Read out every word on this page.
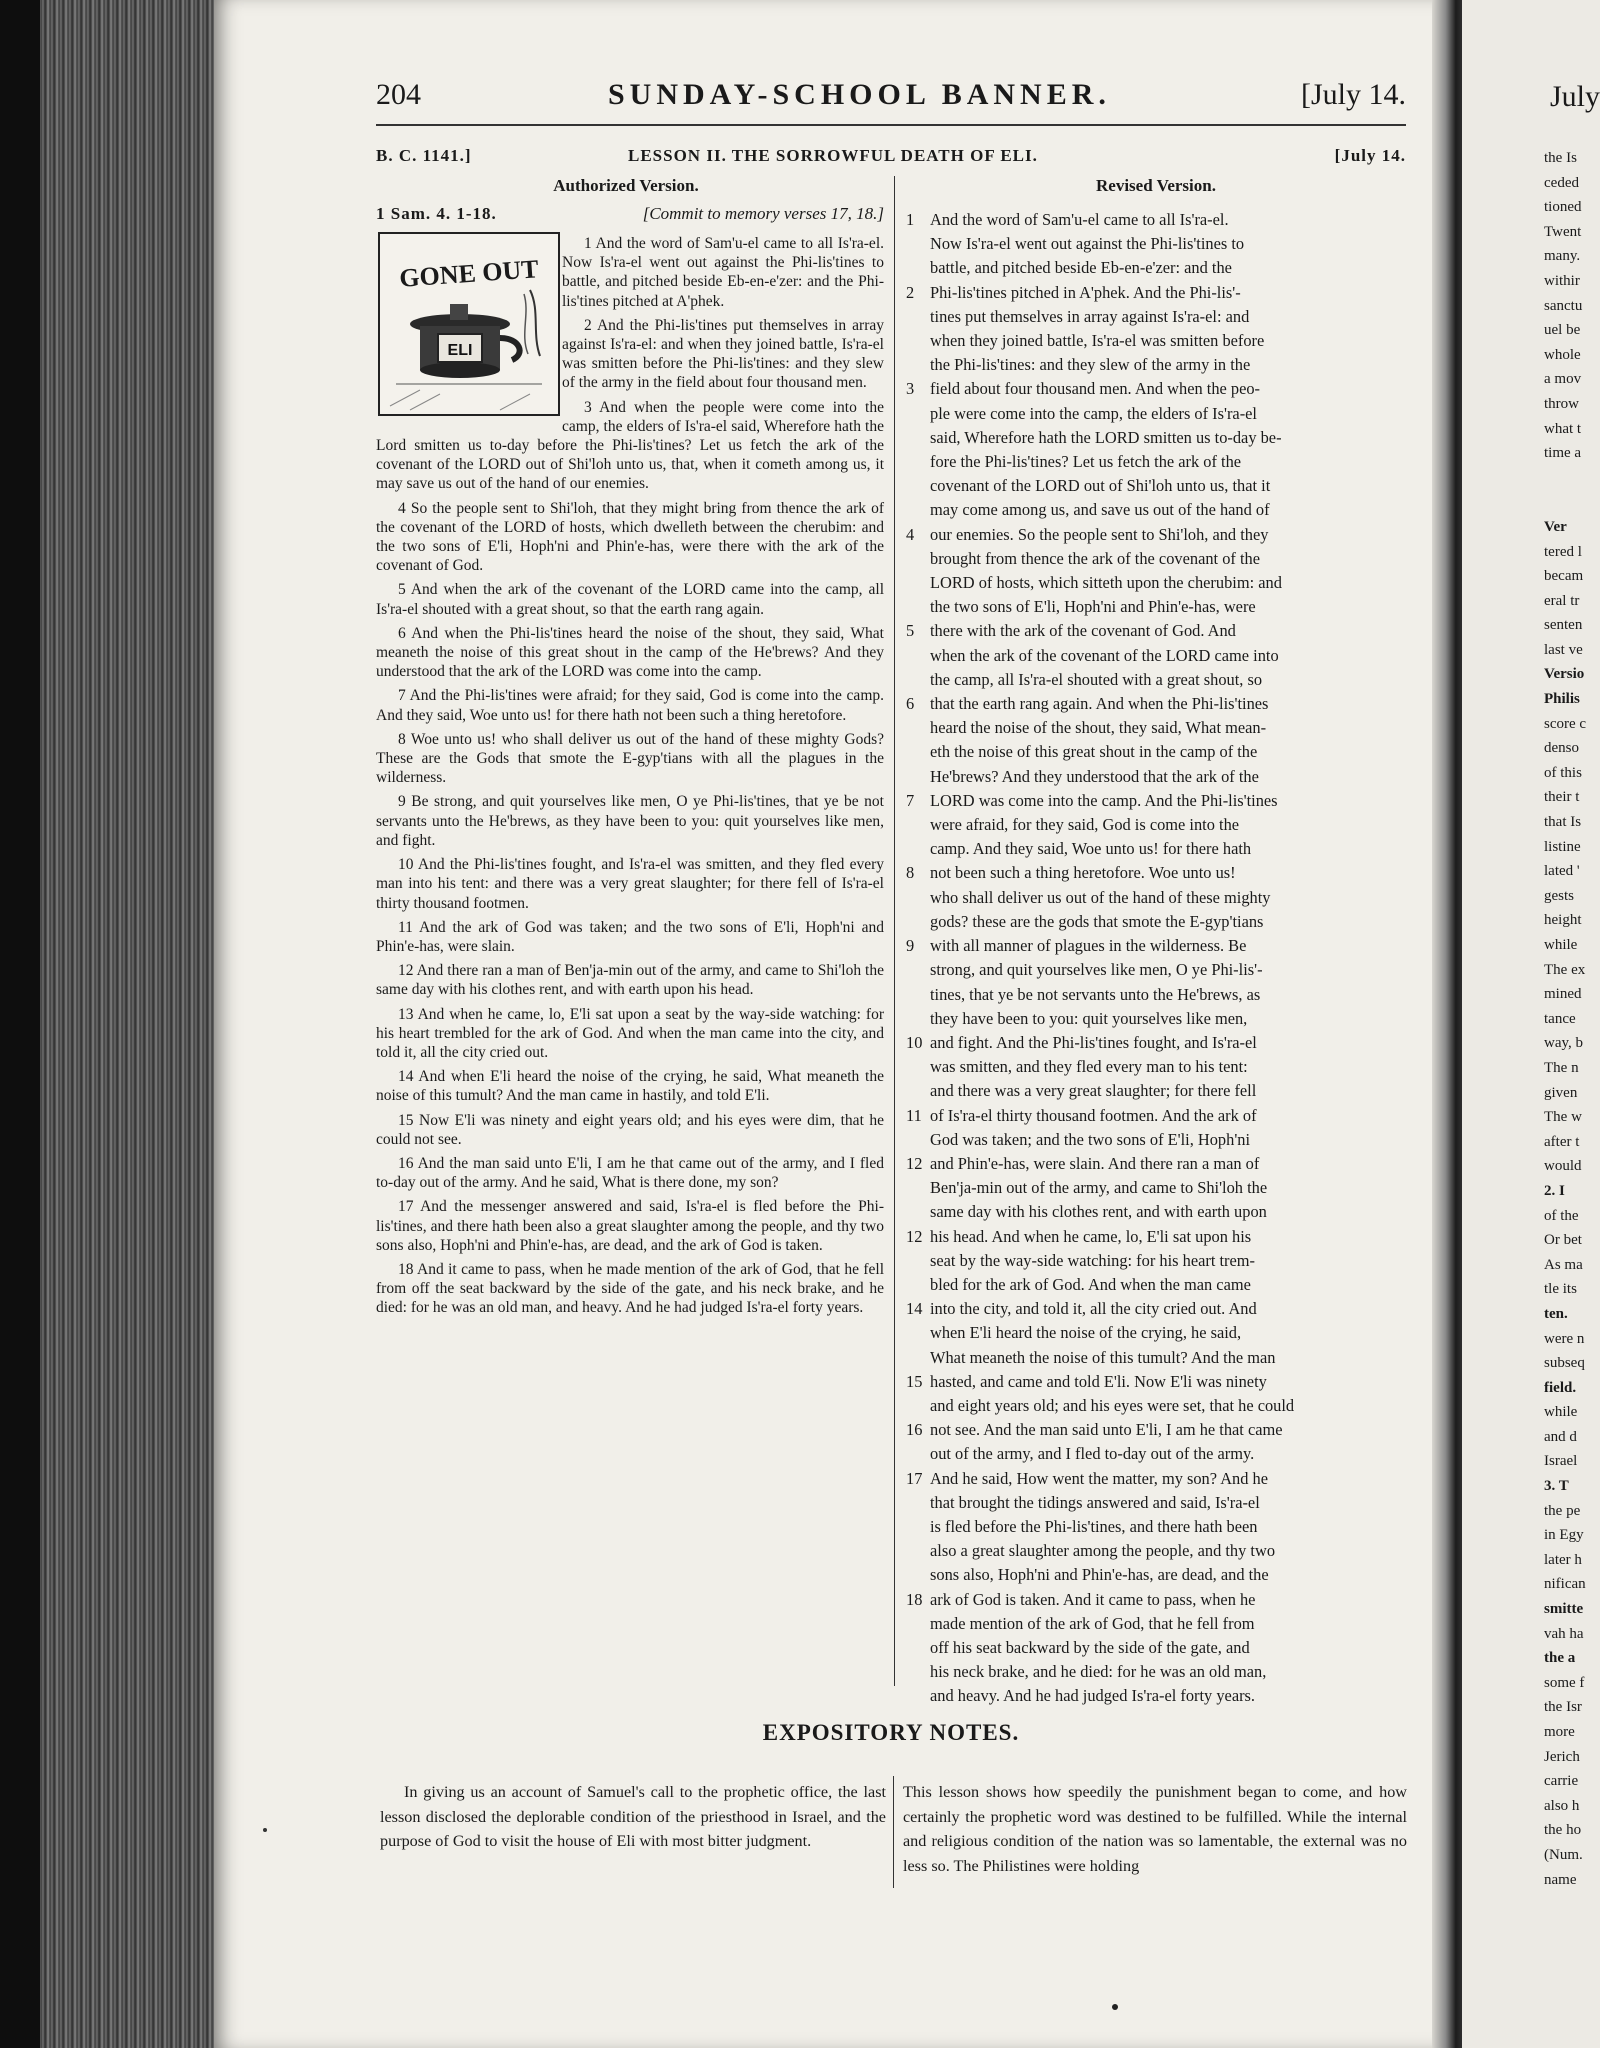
204	SUNDAY-SCHOOL BANNER.	[July 14.
B. C. 1141.]	LESSON II. THE SORROWFUL DEATH OF ELI.	[July 14.
Authorized Version.	Revised Version.
1 Sam. 4. 1-18.	[Commit to memory verses 17, 18.]

1 And the word of Sam'u-el came to all Is'ra-el. Now Is'ra-el went out against the Phi-lis'tines to battle, and pitched beside Eb-en-e'zer: and the Phi-lis'tines pitched at A'phek.

2 And the Phi-lis'tines put themselves in array against Is'ra-el: and when they joined battle, Is'ra-el was smitten before the Phi-lis'tines: and they slew of the army in the field about four thousand men.

3 And when the people were come into the camp, the elders of Is'ra-el said, Wherefore hath the Lord smitten us to-day before the Phi-lis'tines? Let us fetch the ark of the covenant of the LORD out of Shi'loh unto us, that, when it cometh among us, it may save us out of the hand of our enemies.

4 So the people sent to Shi'loh, that they might bring from thence the ark of the covenant of the LORD of hosts, which dwelleth between the cherubim: and the two sons of E'li, Hoph'ni and Phin'e-has, were there with the ark of the covenant of God.

5 And when the ark of the covenant of the LORD came into the camp, all Is'ra-el shouted with a great shout, so that the earth rang again.

6 And when the Phi-lis'tines heard the noise of the shout, they said, What meaneth the noise of this great shout in the camp of the He'brews? And they understood that the ark of the LORD was come into the camp.

7 And the Phi-lis'tines were afraid; for they said, God is come into the camp. And they said, Woe unto us! for there hath not been such a thing heretofore.

8 Woe unto us! who shall deliver us out of the hand of these mighty Gods? These are the Gods that smote the E-gyp'tians with all the plagues in the wilderness.

9 Be strong, and quit yourselves like men, O ye Phi-lis'tines, that ye be not servants unto the He'brews, as they have been to you: quit yourselves like men, and fight.

10 And the Phi-lis'tines fought, and Is'ra-el was smitten, and they fled every man into his tent: and there was a very great slaughter; for there fell of Is'ra-el thirty thousand footmen.

11 And the ark of God was taken; and the two sons of E'li, Hoph'ni and Phin'e-has, were slain.

12 And there ran a man of Ben'ja-min out of the army, and came to Shi'loh the same day with his clothes rent, and with earth upon his head.

13 And when he came, lo, E'li sat upon a seat by the way-side watching: for his heart trembled for the ark of God. And when the man came into the city, and told it, all the city cried out.

14 And when E'li heard the noise of the crying, he said, What meaneth the noise of this tumult? And the man came in hastily, and told E'li.

15 Now E'li was ninety and eight years old; and his eyes were dim, that he could not see.

16 And the man said unto E'li, I am he that came out of the army, and I fled to-day out of the army. And he said, What is there done, my son?

17 And the messenger answered and said, Is'ra-el is fled before the Phi-lis'tines, and there hath been also a great slaughter among the people, and thy two sons also, Hoph'ni and Phin'e-has, are dead, and the ark of God is taken.

18 And it came to pass, when he made mention of the ark of God, that he fell from off the seat backward by the side of the gate, and his neck brake, and he died: for he was an old man, and heavy. And he had judged Is'ra-el forty years.

GONE OUT
ELI
1 And the word of Sam'u-el came to all Is'ra-el.
Now Is'ra-el went out against the Phi-lis'tines to
battle, and pitched beside Eb-en-e'zer: and the
2 Phi-lis'tines pitched in A'phek. And the Phi-lis'-
tines put themselves in array against Is'ra-el: and
when they joined battle, Is'ra-el was smitten before
the Phi-lis'tines: and they slew of the army in the
3 field about four thousand men. And when the peo-
ple were come into the camp, the elders of Is'ra-el
said, Wherefore hath the LORD smitten us to-day be-
fore the Phi-lis'tines? Let us fetch the ark of the
covenant of the LORD out of Shi'loh unto us, that it
may come among us, and save us out of the hand of
4 our enemies. So the people sent to Shi'loh, and they
brought from thence the ark of the covenant of the
LORD of hosts, which sitteth upon the cherubim: and
the two sons of E'li, Hoph'ni and Phin'e-has, were
5 there with the ark of the covenant of God. And
when the ark of the covenant of the LORD came into
the camp, all Is'ra-el shouted with a great shout, so
6 that the earth rang again. And when the Phi-lis'tines
heard the noise of the shout, they said, What mean-
eth the noise of this great shout in the camp of the
He'brews? And they understood that the ark of the
7 LORD was come into the camp. And the Phi-lis'tines
were afraid, for they said, God is come into the
camp. And they said, Woe unto us! for there hath
8 not been such a thing heretofore. Woe unto us!
who shall deliver us out of the hand of these mighty
gods? these are the gods that smote the E-gyp'tians
9 with all manner of plagues in the wilderness. Be
strong, and quit yourselves like men, O ye Phi-lis'-
tines, that ye be not servants unto the He'brews, as
they have been to you: quit yourselves like men,
10 and fight. And the Phi-lis'tines fought, and Is'ra-el
was smitten, and they fled every man to his tent:
and there was a very great slaughter; for there fell
11 of Is'ra-el thirty thousand footmen. And the ark of
God was taken; and the two sons of E'li, Hoph'ni
12 and Phin'e-has, were slain. And there ran a man of
Ben'ja-min out of the army, and came to Shi'loh the
same day with his clothes rent, and with earth upon
12 his head. And when he came, lo, E'li sat upon his
seat by the way-side watching: for his heart trem-
bled for the ark of God. And when the man came
14 into the city, and told it, all the city cried out. And
when E'li heard the noise of the crying, he said,
What meaneth the noise of this tumult? And the man
15 hasted, and came and told E'li. Now E'li was ninety
and eight years old; and his eyes were set, that he could
16 not see. And the man said unto E'li, I am he that came
out of the army, and I fled to-day out of the army.
17 And he said, How went the matter, my son? And he
that brought the tidings answered and said, Is'ra-el
is fled before the Phi-lis'tines, and there hath been
also a great slaughter among the people, and thy two
sons also, Hoph'ni and Phin'e-has, are dead, and the
18 ark of God is taken. And it came to pass, when he
made mention of the ark of God, that he fell from
off his seat backward by the side of the gate, and
his neck brake, and he died: for he was an old man,
and heavy. And he had judged Is'ra-el forty years.
EXPOSITORY NOTES.
In giving us an account of Samuel's call to the prophetic office, the last lesson disclosed the deplorable condition of the priesthood in Israel, and the purpose of God to visit the house of Eli with most bitter judgment.
This lesson shows how speedily the punishment began to come, and how certainly the prophetic word was destined to be fulfilled. While the internal and religious condition of the nation was so lamentable, the external was no less so. The Philistines were holding
July
the Is
ceded
tioned
Twent
many.
withir
sanctu
uel be
whole
a mov
throw
what t
time a
Ver
tered l
becam
eral tr
senten
last ve
Versio
Philis
score c
denso
of this
their t
that Is
listine
lated '
gests
height
while
The ex
mined
tance
way, b
The n
given
The w
after t
would
2. I
of the
Or bet
As ma
tle its
ten.
were n
subseq
field.
while
and d
Israel
3. T
the pe
in Egy
later h
nifican
smitte
vah ha
the a
some f
the Isr
more
Jerich
carrie
also h
the ho
(Num.
name
